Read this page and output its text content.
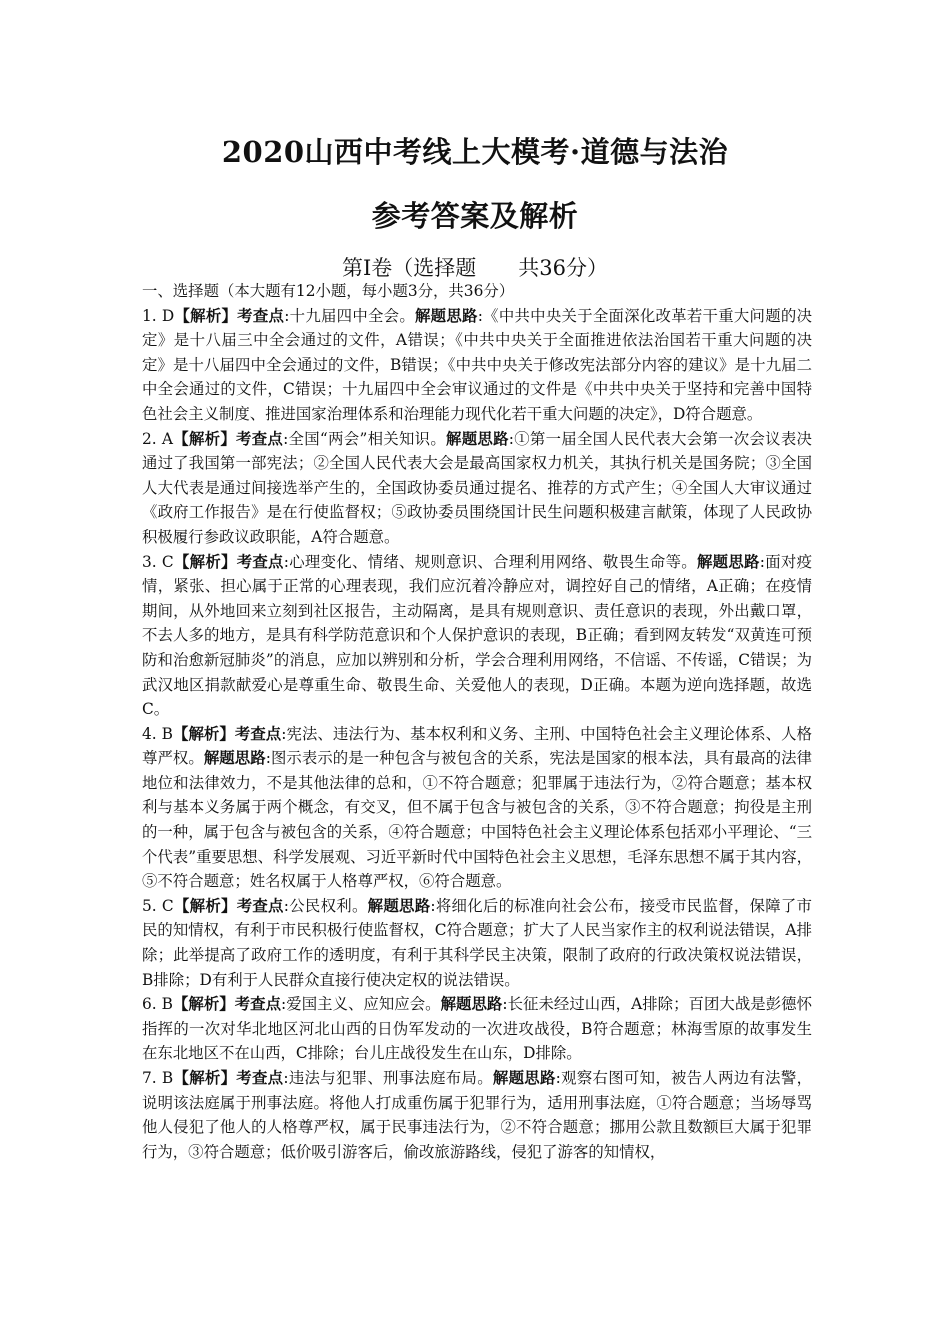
2020山西中考线上大模考·道德与法治
参考答案及解析
第Ⅰ卷（选择题　　共36分）

一、选择题（本大题有12小题，每小题3分，共36分）

1. D【解析】考查点:十九届四中全会。解题思路:《中共中央关于全面深化改革若干重大问题的决定》是十八届三中全会通过的文件，A错误；《中共中央关于全面推进依法治国若干重大问题的决定》是十八届四中全会通过的文件，B错误；《中共中央关于修改宪法部分内容的建议》是十九届二中全会通过的文件，C错误；十九届四中全会审议通过的文件是《中共中央关于坚持和完善中国特色社会主义制度、推进国家治理体系和治理能力现代化若干重大问题的决定》，D符合题意。

2. A【解析】考查点:全国“两会”相关知识。解题思路:①第一届全国人民代表大会第一次会议表决通过了我国第一部宪法；②全国人民代表大会是最高国家权力机关，其执行机关是国务院；③全国人大代表是通过间接选举产生的，全国政协委员通过提名、推荐的方式产生；④全国人大审议通过《政府工作报告》是在行使监督权；⑤政协委员围绕国计民生问题积极建言献策，体现了人民政协积极履行参政议政职能，A符合题意。

3. C【解析】考查点:心理变化、情绪、规则意识、合理利用网络、敬畏生命等。解题思路:面对疫情，紧张、担心属于正常的心理表现，我们应沉着冷静应对，调控好自己的情绪，A正确；在疫情期间，从外地回来立刻到社区报告，主动隔离，是具有规则意识、责任意识的表现，外出戴口罩，不去人多的地方，是具有科学防范意识和个人保护意识的表现，B正确；看到网友转发“双黄连可预防和治愈新冠肺炎”的消息，应加以辨别和分析，学会合理利用网络，不信谣、不传谣，C错误；为武汉地区捐款献爱心是尊重生命、敬畏生命、关爱他人的表现，D正确。本题为逆向选择题，故选C。

4. B【解析】考查点:宪法、违法行为、基本权利和义务、主刑、中国特色社会主义理论体系、人格尊严权。解题思路:图示表示的是一种包含与被包含的关系，宪法是国家的根本法，具有最高的法律地位和法律效力，不是其他法律的总和，①不符合题意；犯罪属于违法行为，②符合题意；基本权利与基本义务属于两个概念，有交叉，但不属于包含与被包含的关系，③不符合题意；拘役是主刑的一种，属于包含与被包含的关系，④符合题意；中国特色社会主义理论体系包括邓小平理论、“三个代表”重要思想、科学发展观、习近平新时代中国特色社会主义思想，毛泽东思想不属于其内容，⑤不符合题意；姓名权属于人格尊严权，⑥符合题意。

5. C【解析】考查点:公民权利。解题思路:将细化后的标准向社会公布，接受市民监督，保障了市民的知情权，有利于市民积极行使监督权，C符合题意；扩大了人民当家作主的权利说法错误，A排除；此举提高了政府工作的透明度，有利于其科学民主决策，限制了政府的行政决策权说法错误，B排除；D有利于人民群众直接行使决定权的说法错误。

6. B【解析】考查点:爱国主义、应知应会。解题思路:长征未经过山西，A排除；百团大战是彭德怀指挥的一次对华北地区河北山西的日伪军发动的一次进攻战役，B符合题意；林海雪原的故事发生在东北地区不在山西，C排除；台儿庄战役发生在山东，D排除。

7. B【解析】考查点:违法与犯罪、刑事法庭布局。解题思路:观察右图可知，被告人两边有法警，说明该法庭属于刑事法庭。将他人打成重伤属于犯罪行为，适用刑事法庭，①符合题意；当场辱骂他人侵犯了他人的人格尊严权，属于民事违法行为，②不符合题意；挪用公款且数额巨大属于犯罪行为，③符合题意；低价吸引游客后，偷改旅游路线，侵犯了游客的知情权，
